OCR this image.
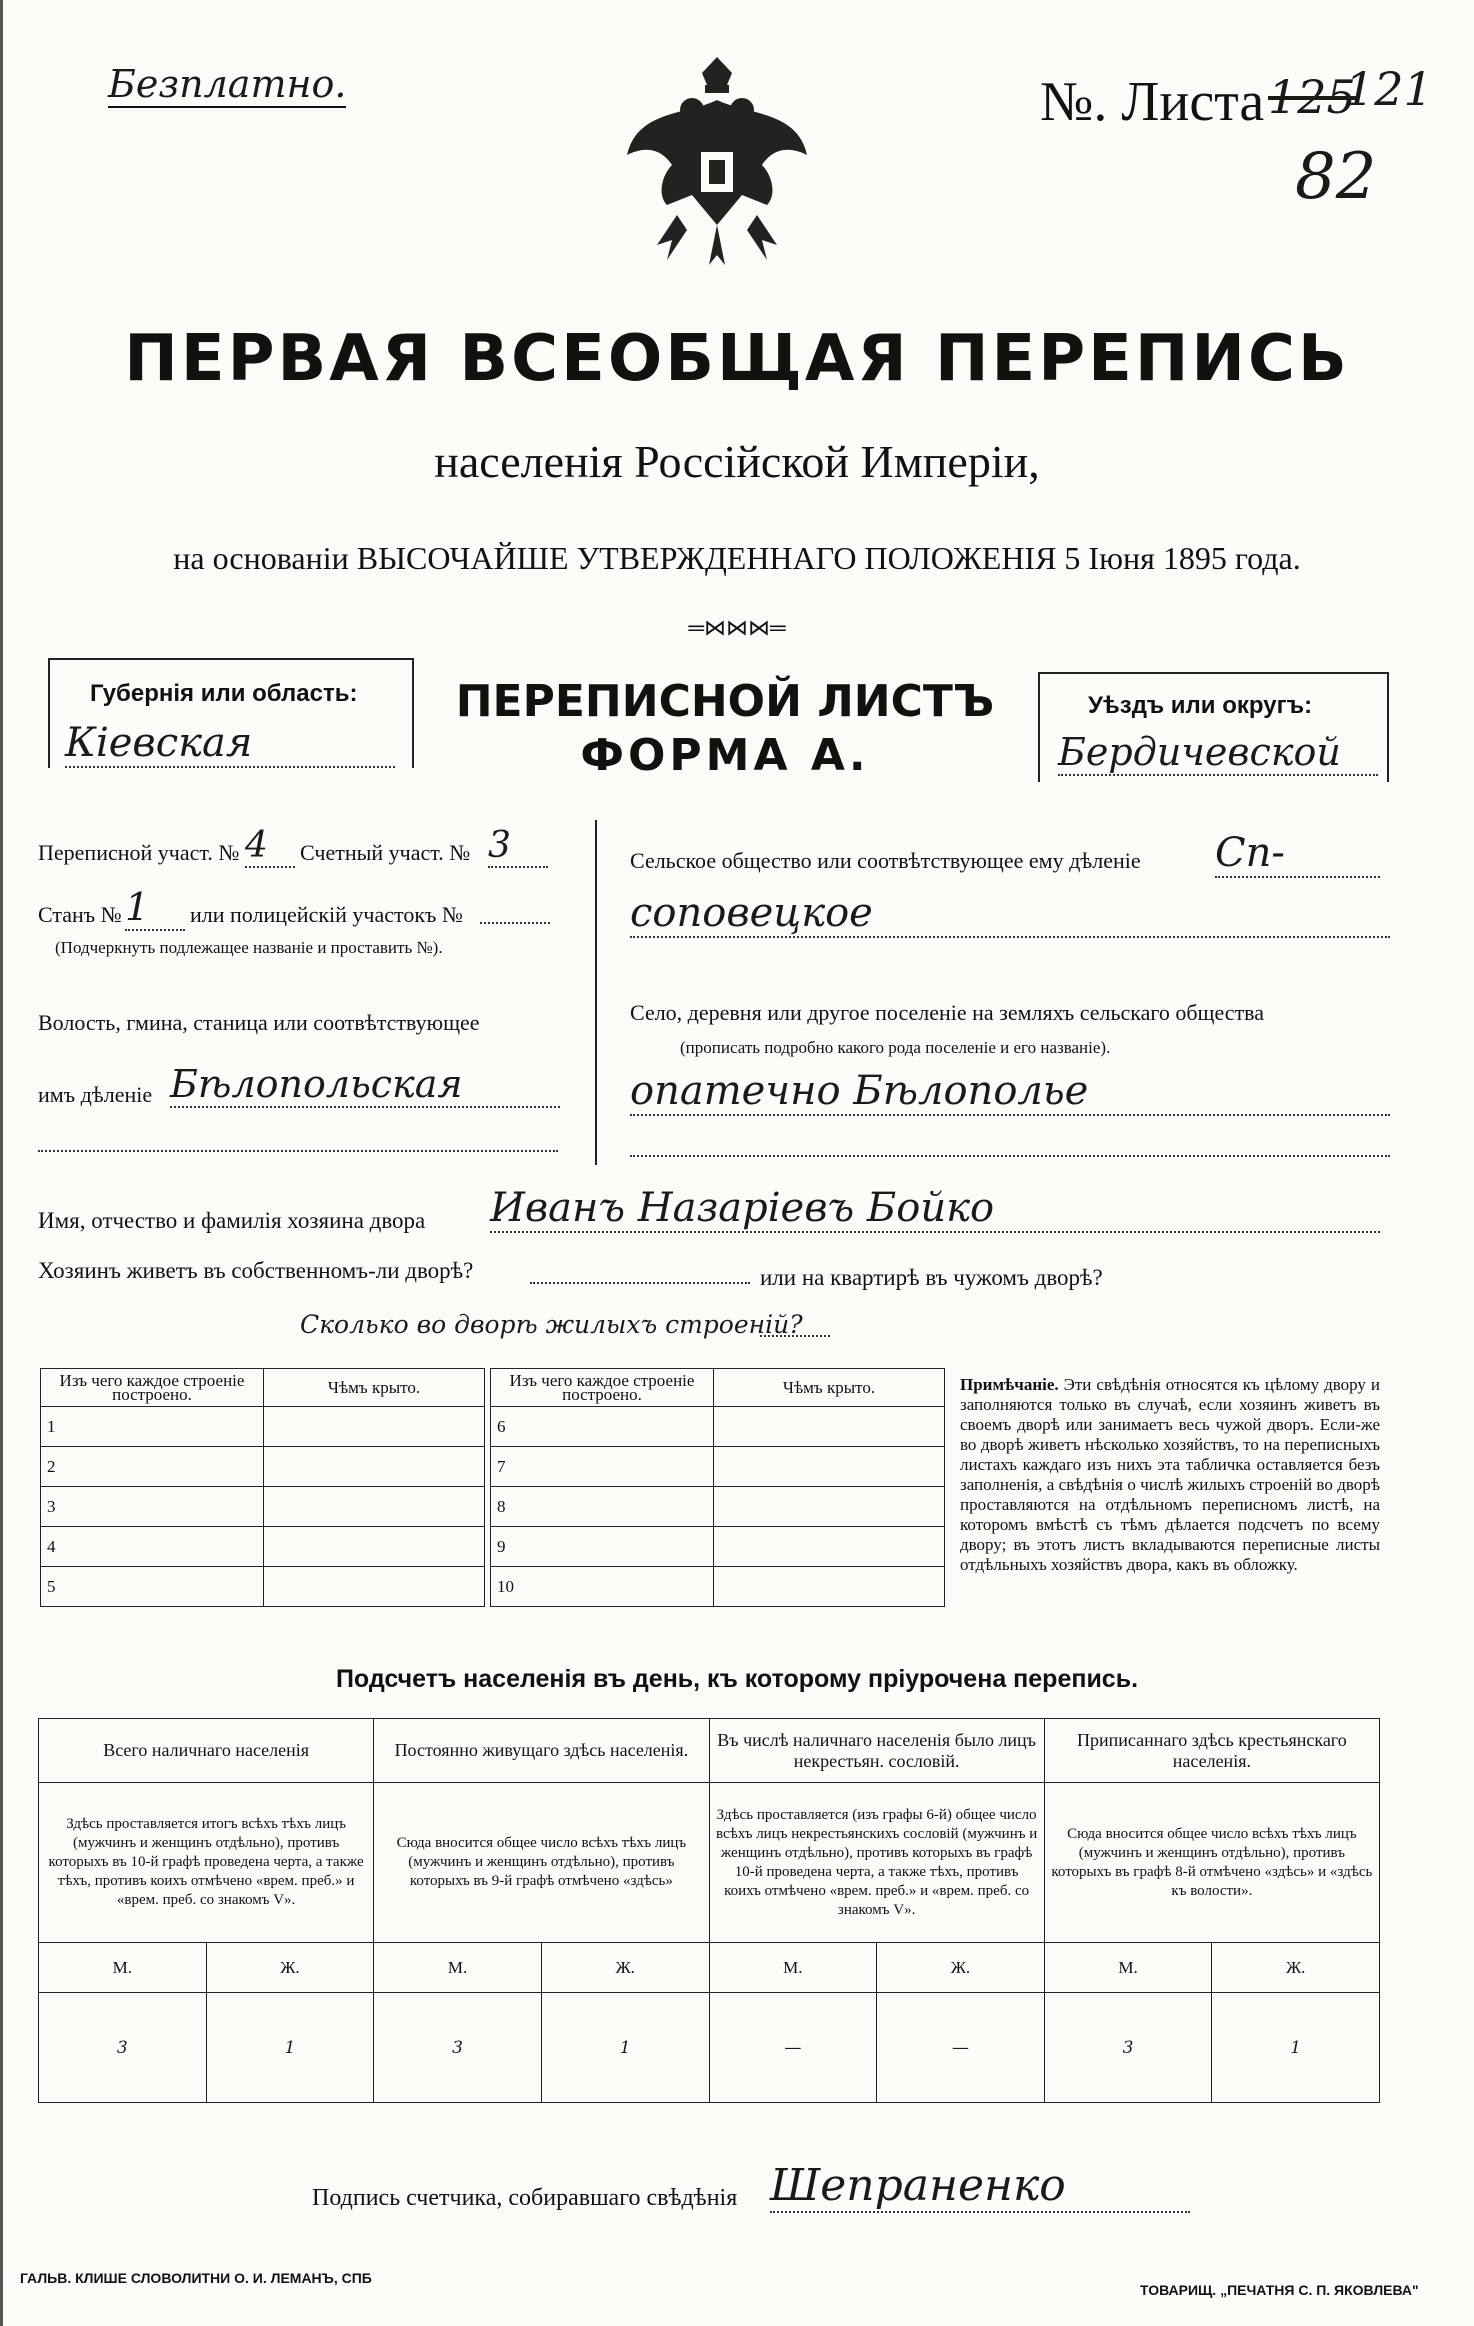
Безплатно.	№. Листа 125
121
82
ПЕРВАЯ ВСЕОБЩАЯ ПЕРЕПИСЬ
населенія Россійской Имперіи,
на основаніи ВЫСОЧАЙШЕ УТВЕРЖДЕННАГО ПОЛОЖЕНІЯ 5 Іюня 1895 года.
═⋈⋈⋈═
Губернія или область:
Кіевская
ПЕРЕПИСНОЙ ЛИСТЪ
ФОРМА А.
Уѣздъ или округъ:
Бердичевской
Переписной участ. № 4	Счетный участ. № 3
Станъ № 1	или полицейскій участокъ №
(Подчеркнуть подлежащее названіе и проставить №).
Волость, гмина, станица или соотвѣтствующее
имъ дѣленіе Бѣлопольская
Сельское общество или соотвѣтствующее ему дѣленіе Сп-
соповецкое
Село, деревня или другое поселеніе на земляхъ сельскаго общества
(прописать подробно какого рода поселеніе и его названіе).
опатечно Бѣлополье
Имя, отчество и фамилія хозяина двора Иванъ Назаріевъ Бойко
Хозяинъ живетъ въ собственномъ-ли дворѣ?	или на квартирѣ въ чужомъ дворѣ?
Сколько во дворѣ жилыхъ строеній?
Изъ чего каждое строеніе построено.	Чѣмъ крыто.
1	
2	
3	
4	
5	
Изъ чего каждое строеніе построено.	Чѣмъ крыто.
6	
7	
8	
9	
10	
Примѣчаніе. Эти свѣдѣнія относятся къ цѣлому двору и заполняются только въ случаѣ, если хозяинъ живетъ въ своемъ дворѣ или занимаетъ весь чужой дворъ. Если-же во дворѣ живетъ нѣсколько хозяйствъ, то на переписныхъ листахъ каждаго изъ нихъ эта табличка оставляется безъ заполненія, а свѣдѣнія о числѣ жилыхъ строеній во дворѣ проставляются на отдѣльномъ переписномъ листѣ, на которомъ вмѣстѣ съ тѣмъ дѣлается подсчетъ по всему двору; въ этотъ листъ вкладываются переписные листы отдѣльныхъ хозяйствъ двора, какъ въ обложку.
Подсчетъ населенія въ день, къ которому пріурочена перепись.
Всего наличнаго населенія		Постоянно живущаго здѣсь населенія.		Въ числѣ наличнаго населенія было лицъ некрестьян. сословій.		Приписаннаго здѣсь крестьянскаго населенія.	
Здѣсь проставляется итогъ всѣхъ тѣхъ лицъ (мужчинъ и женщинъ отдѣльно), противъ которыхъ въ 10-й графѣ проведена черта, а также тѣхъ, противъ коихъ отмѣчено «врем. преб.» и «врем. преб. со знакомъ V».		Сюда вносится общее число всѣхъ тѣхъ лицъ (мужчинъ и женщинъ отдѣльно), противъ которыхъ въ 9-й графѣ отмѣчено «здѣсь»		Здѣсь проставляется (изъ графы 6-й) общее число всѣхъ лицъ некрестьянскихъ сословій (мужчинъ и женщинъ отдѣльно), противъ которыхъ въ графѣ 10-й проведена черта, а также тѣхъ, противъ коихъ отмѣчено «врем. преб.» и «врем. преб. со знакомъ V».		Сюда вносится общее число всѣхъ тѣхъ лицъ (мужчинъ и женщинъ отдѣльно), противъ которыхъ въ графѣ 8-й отмѣчено «здѣсь» и «здѣсь къ волости».	
М.	Ж.	М.	Ж.	М.	Ж.	М.	Ж.
3	1	3	1	—	—	3	1
Подпись счетчика, собиравшаго свѣдѣнія Шепраненко
ГАЛЬВ. КЛИШЕ СЛОВОЛИТНИ О. И. ЛЕМАНЪ, СПБ
ТОВАРИЩ. „ПЕЧАТНЯ С. П. ЯКОВЛЕВА"
